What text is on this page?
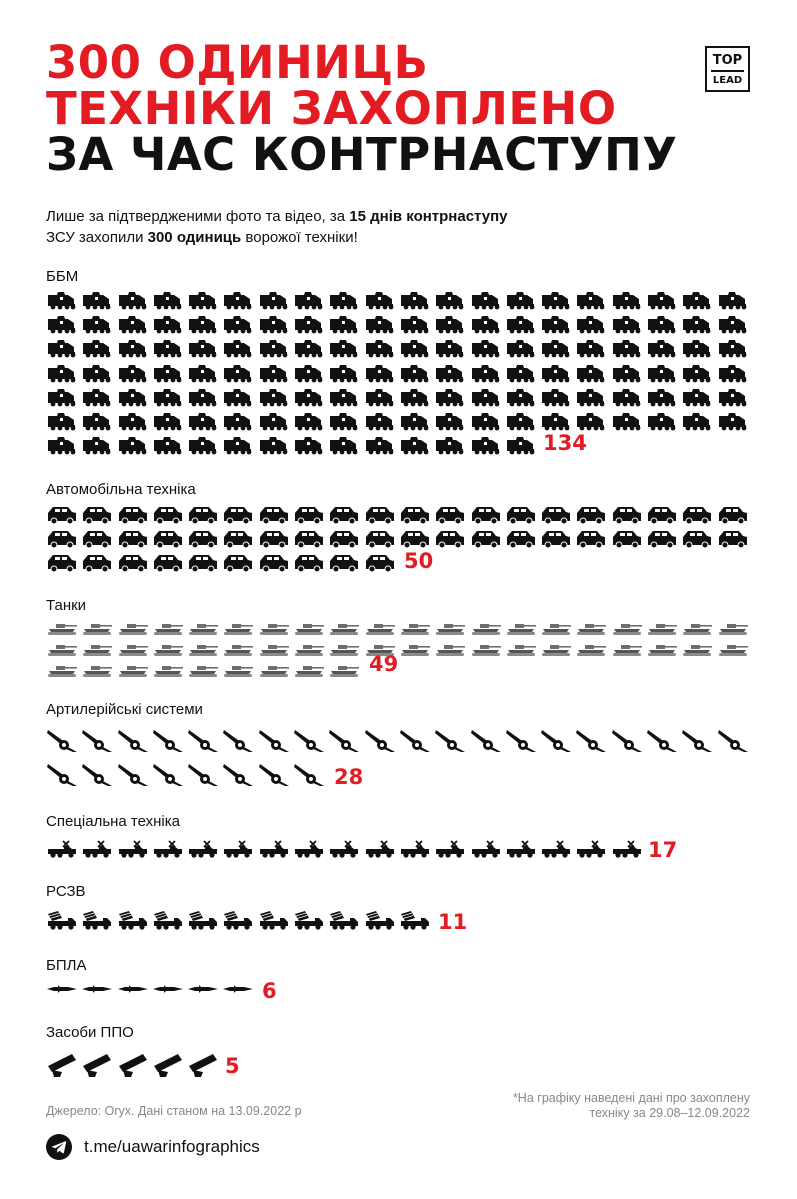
300 ОДИНИЦЬ
ТЕХНІКИ ЗАХОПЛЕНО
ЗА ЧАС КОНТРНАСТУПУ
TOP
LEAD

Лише за підтвердженими фото та відео, за 15 днів контрнаступу
ЗСУ захопили 300 одиниць ворожої техніки!

ББМ
134
Автомобільна техніка
50
Танки
49
Артилерійські системи
28
Спеціальна техніка
17
РСЗВ
11
БПЛА
6
Засоби ППО
5
*На графіку наведені дані про захоплену
техніку за 29.08–12.09.2022
Джерело: Oryx. Дані станом на 13.09.2022 р
t.me/uawarinfographics
